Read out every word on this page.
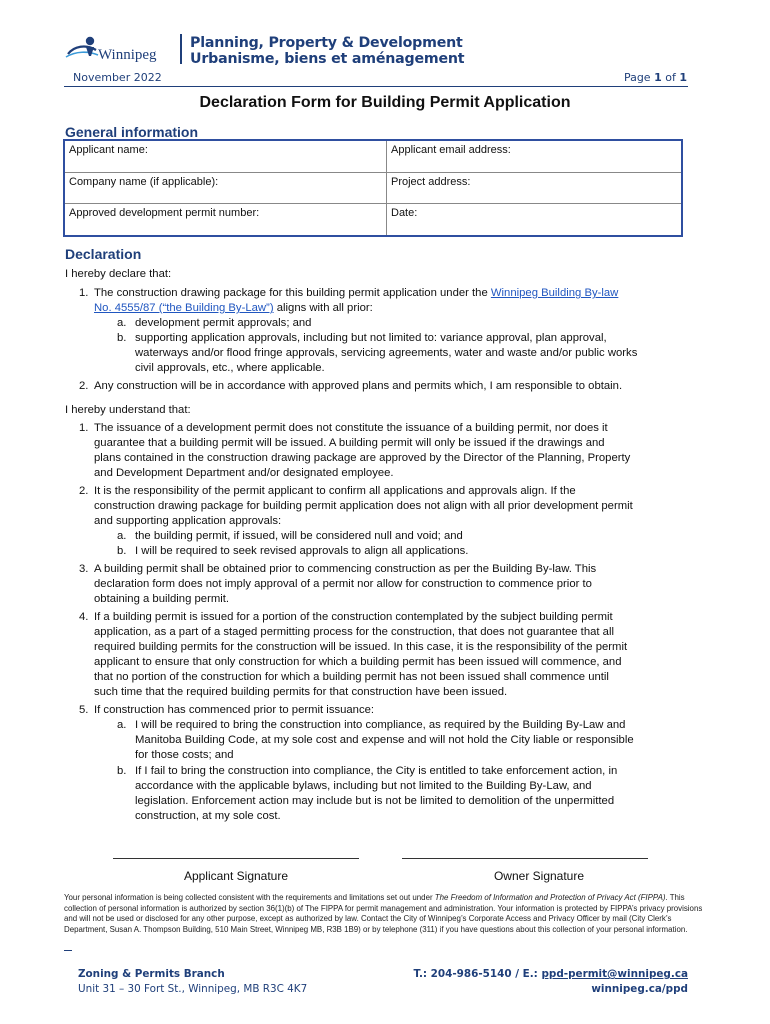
Winnipeg
Planning, Property & Development
Urbanisme, biens et aménagement
November 2022	Page 1 of 1
Declaration Form for Building Permit Application
General information
Applicant name:	Applicant email address:
Company name (if applicable):	Project address:
Approved development permit number:	Date:
Declaration
I hereby declare that:
1. The construction drawing package for this building permit application under the Winnipeg Building By-law
No. 4555/87 (“the Building By-Law”) aligns with all prior:
a. development permit approvals; and
b. supporting application approvals, including but not limited to: variance approval, plan approval,
waterways and/or flood fringe approvals, servicing agreements, water and waste and/or public works
civil approvals, etc., where applicable.
2. Any construction will be in accordance with approved plans and permits which, I am responsible to obtain.
I hereby understand that:
1. The issuance of a development permit does not constitute the issuance of a building permit, nor does it
guarantee that a building permit will be issued. A building permit will only be issued if the drawings and
plans contained in the construction drawing package are approved by the Director of the Planning, Property
and Development Department and/or designated employee.
2. It is the responsibility of the permit applicant to confirm all applications and approvals align. If the
construction drawing package for building permit application does not align with all prior development permit
and supporting application approvals:
a. the building permit, if issued, will be considered null and void; and
b. I will be required to seek revised approvals to align all applications.
3. A building permit shall be obtained prior to commencing construction as per the Building By-law. This
declaration form does not imply approval of a permit nor allow for construction to commence prior to
obtaining a building permit.
4. If a building permit is issued for a portion of the construction contemplated by the subject building permit
application, as a part of a staged permitting process for the construction, that does not guarantee that all
required building permits for the construction will be issued. In this case, it is the responsibility of the permit
applicant to ensure that only construction for which a building permit has been issued will commence, and
that no portion of the construction for which a building permit has not been issued shall commence until
such time that the required building permits for that construction have been issued.
5. If construction has commenced prior to permit issuance:
a. I will be required to bring the construction into compliance, as required by the Building By-Law and
Manitoba Building Code, at my sole cost and expense and will not hold the City liable or responsible
for those costs; and
b. If I fail to bring the construction into compliance, the City is entitled to take enforcement action, in
accordance with the applicable bylaws, including but not limited to the Building By-Law, and
legislation. Enforcement action may include but is not be limited to demolition of the unpermitted
construction, at my sole cost.
Applicant Signature	Owner Signature
Your personal information is being collected consistent with the requirements and limitations set out under The Freedom of Information and Protection of Privacy Act (FIPPA). This collection of personal information is authorized by section 36(1)(b) of The FIPPA for permit management and administration. Your information is protected by FIPPA’s privacy provisions and will not be used or disclosed for any other purpose, except as authorized by law. Contact the City of Winnipeg’s Corporate Access and Privacy Officer by mail (City Clerk’s Department, Susan A. Thompson Building, 510 Main Street, Winnipeg MB, R3B 1B9) or by telephone (311) if you have questions about this collection of your personal information.
Zoning & Permits Branch
Unit 31 – 30 Fort St., Winnipeg, MB R3C 4K7
T.: 204-986-5140 / E.: ppd-permit@winnipeg.ca
winnipeg.ca/ppd
